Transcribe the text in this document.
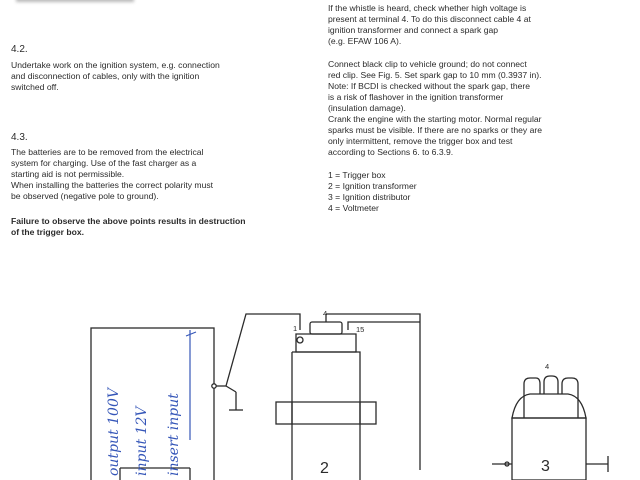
4.2.

Undertake work on the ignition system, e.g. connection
and disconnection of cables, only with the ignition
switched off.

4.3.

The batteries are to be removed from the electrical
system for charging. Use of the fast charger as a
starting aid is not permissible.
When installing the batteries the correct polarity must
be observed (negative pole to ground).

Failure to observe the above points results in destruction
of the trigger box.

If the whistle is heard, check whether high voltage is
present at terminal 4. To do this disconnect cable 4 at
ignition transformer and connect a spark gap
(e.g. EFAW 106 A).

Connect black clip to vehicle ground; do not connect
red clip. See Fig. 5. Set spark gap to 10 mm (0.3937 in).
Note: If BCDI is checked without the spark gap, there
is a risk of flashover in the ignition transformer
(insulation damage).
Crank the engine with the starting motor. Normal regular
sparks must be visible. If there are no sparks or they are
only intermittent, remove the trigger box and test
according to Sections 6. to 6.3.9.

1 = Trigger box
2 = Ignition transformer
3 = Ignition distributor
4 = Voltmeter

1
4
15
4
2	3
output 100V input 12V insert input
